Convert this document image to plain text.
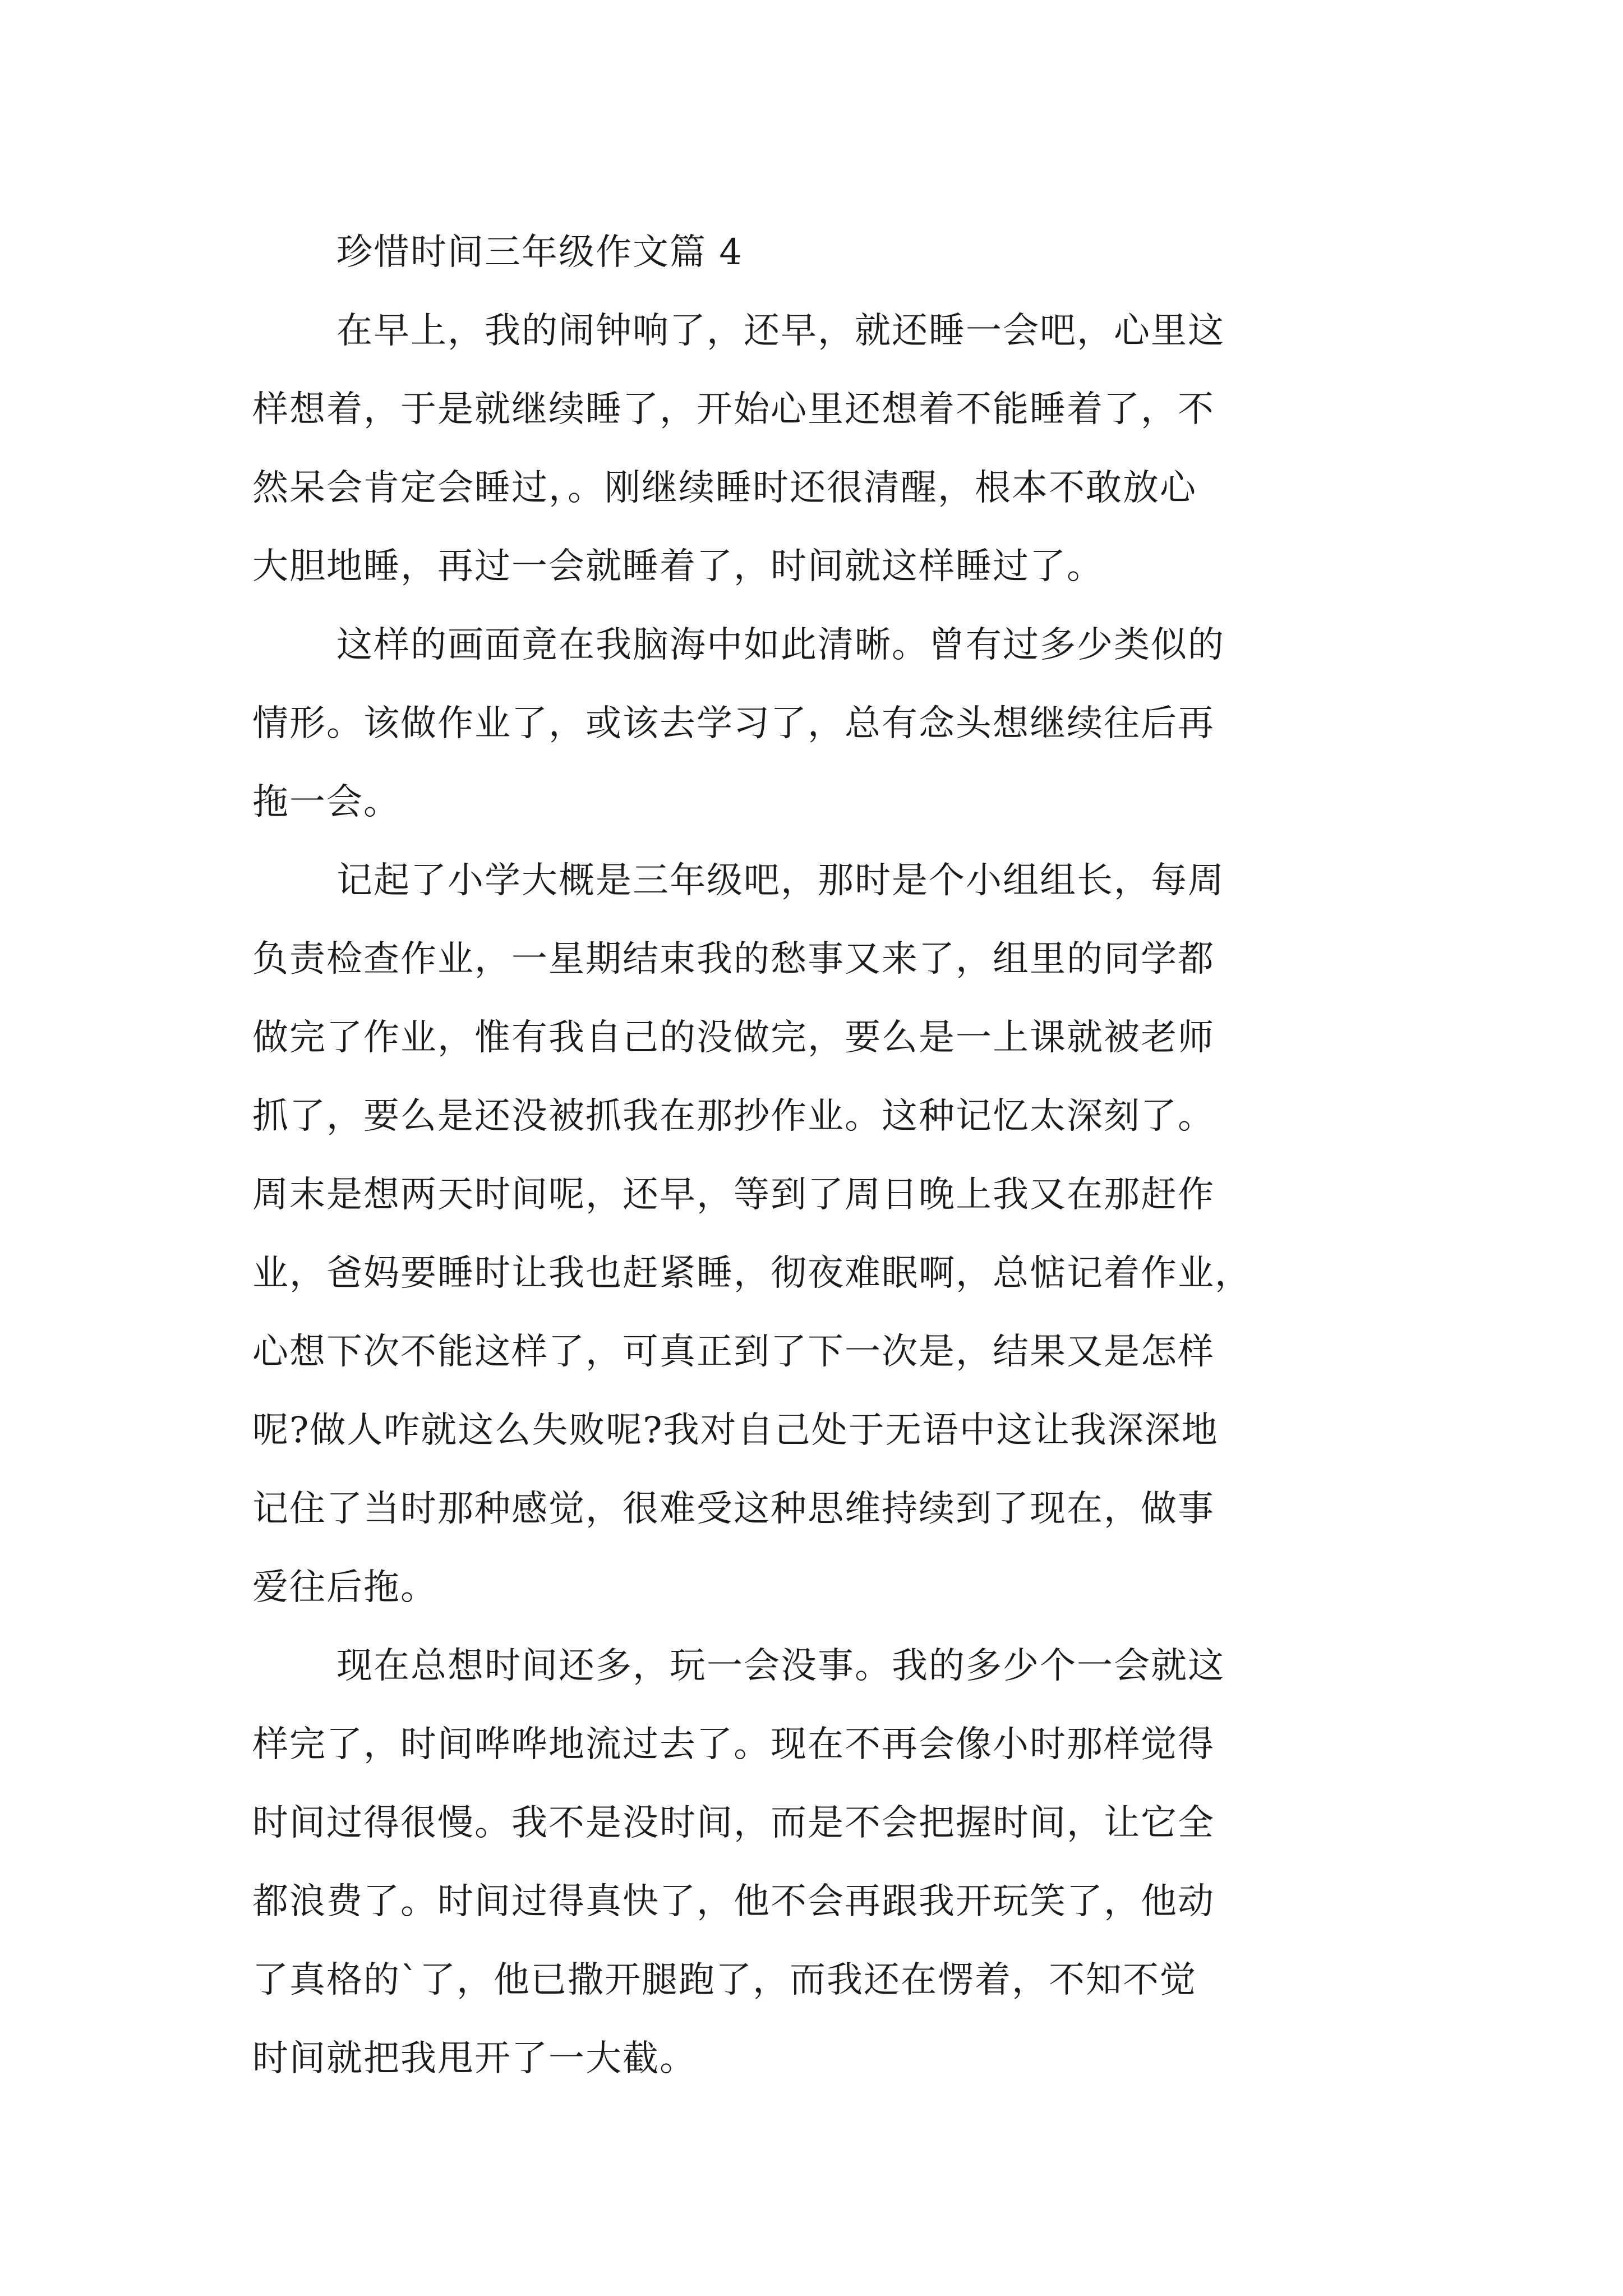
珍惜时间三年级作文篇 4
在早上，我的闹钟响了，还早，就还睡一会吧，心里这
样想着，于是就继续睡了，开始心里还想着不能睡着了，不
然呆会肯定会睡过，。刚继续睡时还很清醒，根本不敢放心
大胆地睡，再过一会就睡着了，时间就这样睡过了。
这样的画面竟在我脑海中如此清晰。曾有过多少类似的
情形。该做作业了，或该去学习了，总有念头想继续往后再
拖一会。
记起了小学大概是三年级吧，那时是个小组组长，每周
负责检查作业，一星期结束我的愁事又来了，组里的同学都
做完了作业，惟有我自己的没做完，要么是一上课就被老师
抓了，要么是还没被抓我在那抄作业。这种记忆太深刻了。
周末是想两天时间呢，还早，等到了周日晚上我又在那赶作
业，爸妈要睡时让我也赶紧睡，彻夜难眠啊，总惦记着作业，
心想下次不能这样了，可真正到了下一次是，结果又是怎样
呢?做人咋就这么失败呢?我对自己处于无语中这让我深深地
记住了当时那种感觉，很难受这种思维持续到了现在，做事
爱往后拖。
现在总想时间还多，玩一会没事。我的多少个一会就这
样完了，时间哗哗地流过去了。现在不再会像小时那样觉得
时间过得很慢。我不是没时间，而是不会把握时间，让它全
都浪费了。时间过得真快了，他不会再跟我开玩笑了，他动
了真格的`了，他已撒开腿跑了，而我还在愣着，不知不觉
时间就把我甩开了一大截。
